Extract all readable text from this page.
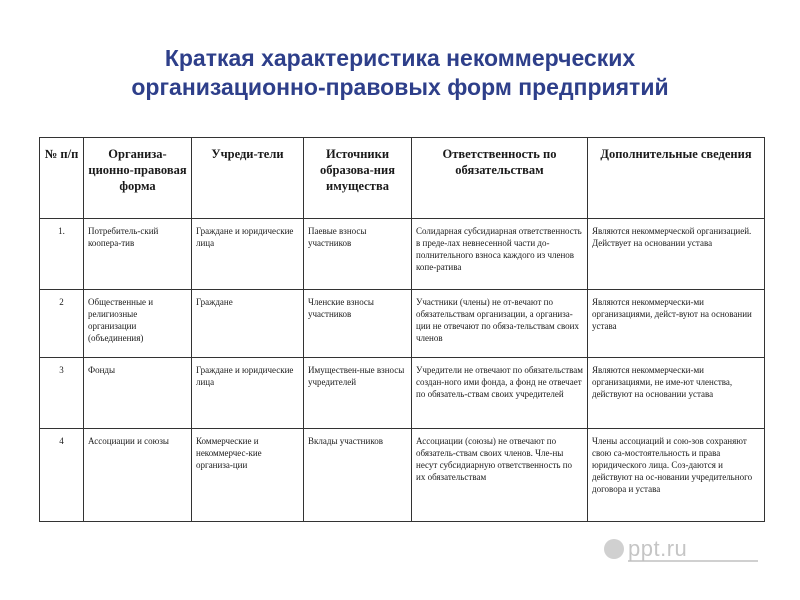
Краткая характеристика некоммерческих
организационно-правовых форм предприятий
№ п/п	Организа-ционно-правовая форма	Учреди-тели	Источники образова-ния имущества	Ответственность по обязательствам	Дополнительные сведения
1.	Потребитель-ский коопера-тив	Граждане и юридические лица	Паевые взносы участников	Солидарная субсидиарная ответственность в преде-лах невнесенной части до-полнительного взноса каждого из членов копе-ратива	Являются некоммерческой организацией. Действует на основании устава
2	Общественные и религиозные организации (объединения)	Граждане	Членские взносы участников	Участники (члены) не от-вечают по обязательствам организации, а организа-ции не отвечают по обяза-тельствам своих членов	Являются некоммерчески-ми организациями, дейст-вуют на основании устава
3	Фонды	Граждане и юридические лица	Имуществен-ные взносы учредителей	Учредители не отвечают по обязательствам создан-ного ими фонда, а фонд не отвечает по обязатель-ствам своих учредителей	Являются некоммерчески-ми организациями, не име-ют членства, действуют на основании устава
4	Ассоциации и союзы	Коммерческие и некоммерчес-кие организа-ции	Вклады участников	Ассоциации (союзы) не отвечают по обязатель-ствам своих членов. Чле-ны несут субсидиарную ответственность по их обязательствам	Члены ассоциаций и сою-зов сохраняют свою са-мостоятельность и права юридического лица. Соз-даются и действуют на ос-новании учредительного договора и устава
ppt.ru
